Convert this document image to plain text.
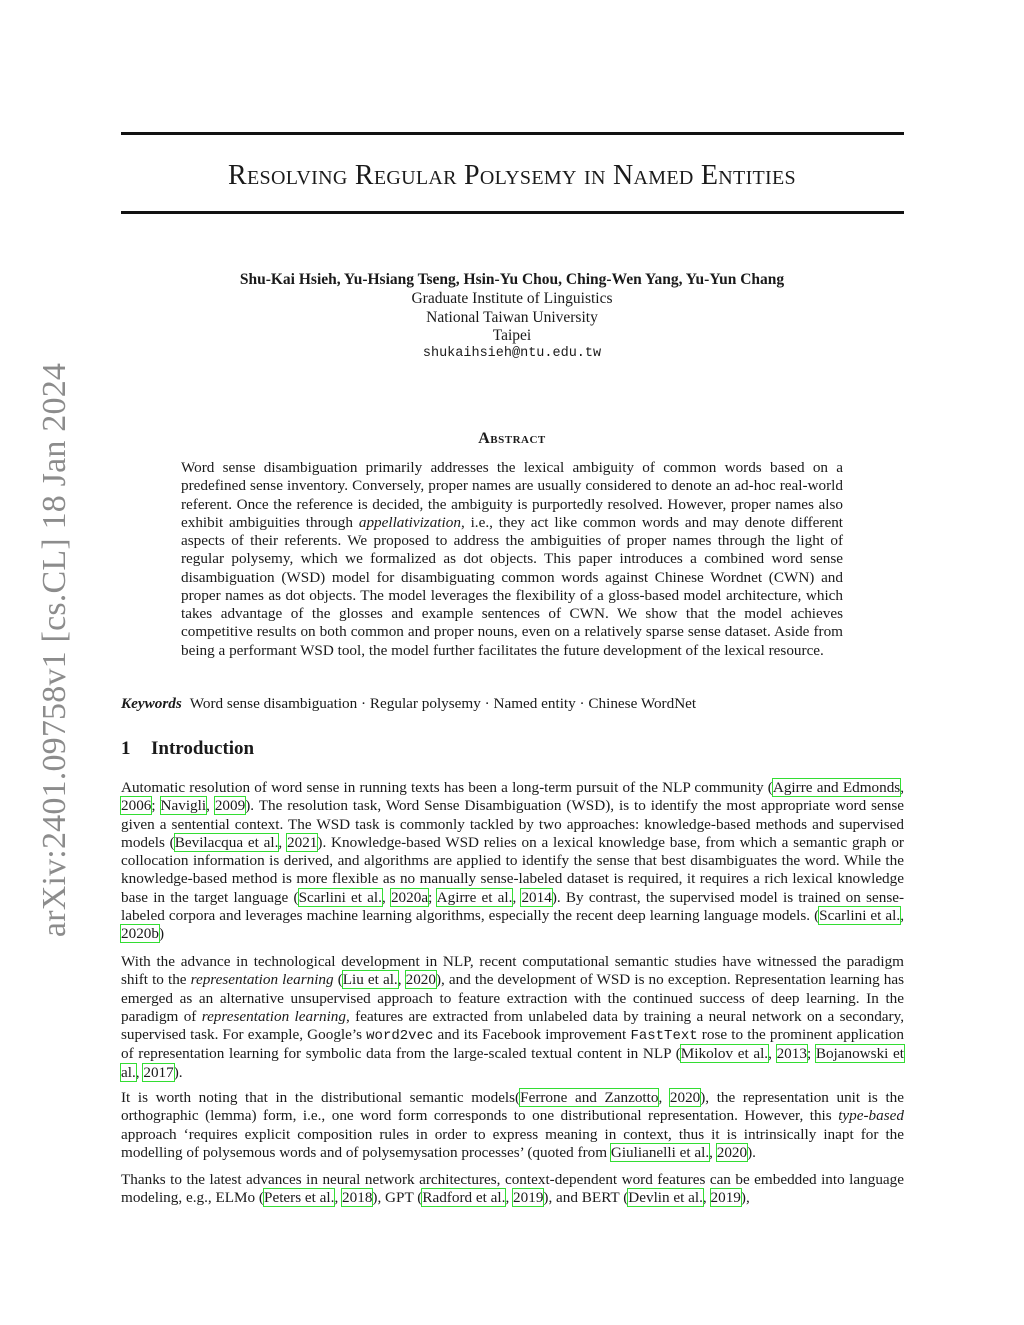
arXiv:2401.09758v1 [cs.CL] 18 Jan 2024
Resolving Regular Polysemy in Named Entities
Shu-Kai Hsieh, Yu-Hsiang Tseng, Hsin-Yu Chou, Ching-Wen Yang, Yu-Yun Chang
Graduate Institute of Linguistics
National Taiwan University
Taipei
shukaihsieh@ntu.edu.tw
Abstract
Word sense disambiguation primarily addresses the lexical ambiguity of common words based on a predefined sense inventory. Conversely, proper names are usually considered to denote an ad-hoc real-world referent. Once the reference is decided, the ambiguity is purportedly resolved. However, proper names also exhibit ambiguities through appellativization, i.e., they act like common words and may denote different aspects of their referents. We proposed to address the ambiguities of proper names through the light of regular polysemy, which we formalized as dot objects. This paper introduces a combined word sense disambiguation (WSD) model for disambiguating common words against Chinese Wordnet (CWN) and proper names as dot objects. The model leverages the flexibility of a gloss-based model architecture, which takes advantage of the glosses and example sentences of CWN. We show that the model achieves competitive results on both common and proper nouns, even on a relatively sparse sense dataset. Aside from being a performant WSD tool, the model further facilitates the future development of the lexical resource.
Keywords Word sense disambiguation · Regular polysemy · Named entity · Chinese WordNet
1 Introduction
Automatic resolution of word sense in running texts has been a long-term pursuit of the NLP community (Agirre and Edmonds, 2006; Navigli, 2009). The resolution task, Word Sense Disambiguation (WSD), is to identify the most appropriate word sense given a sentential context. The WSD task is commonly tackled by two approaches: knowledge-based methods and supervised models (Bevilacqua et al., 2021). Knowledge-based WSD relies on a lexical knowledge base, from which a semantic graph or collocation information is derived, and algorithms are applied to identify the sense that best disambiguates the word. While the knowledge-based method is more flexible as no manually sense-labeled dataset is required, it requires a rich lexical knowledge base in the target language (Scarlini et al., 2020a; Agirre et al., 2014). By contrast, the supervised model is trained on sense-labeled corpora and leverages machine learning algorithms, especially the recent deep learning language models. (Scarlini et al., 2020b)
With the advance in technological development in NLP, recent computational semantic studies have witnessed the paradigm shift to the representation learning (Liu et al., 2020), and the development of WSD is no exception. Representation learning has emerged as an alternative unsupervised approach to feature extraction with the continued success of deep learning. In the paradigm of representation learning, features are extracted from unlabeled data by training a neural network on a secondary, supervised task. For example, Google’s word2vec and its Facebook improvement FastText rose to the prominent application of representation learning for symbolic data from the large-scaled textual content in NLP (Mikolov et al., 2013; Bojanowski et al., 2017).
It is worth noting that in the distributional semantic models(Ferrone and Zanzotto, 2020), the representation unit is the orthographic (lemma) form, i.e., one word form corresponds to one distributional representation. However, this type-based approach ‘requires explicit composition rules in order to express meaning in context, thus it is intrinsically inapt for the modelling of polysemous words and of polysemysation processes’ (quoted from Giulianelli et al., 2020).
Thanks to the latest advances in neural network architectures, context-dependent word features can be embedded into language modeling, e.g., ELMo (Peters et al., 2018), GPT (Radford et al., 2019), and BERT (Devlin et al., 2019),
